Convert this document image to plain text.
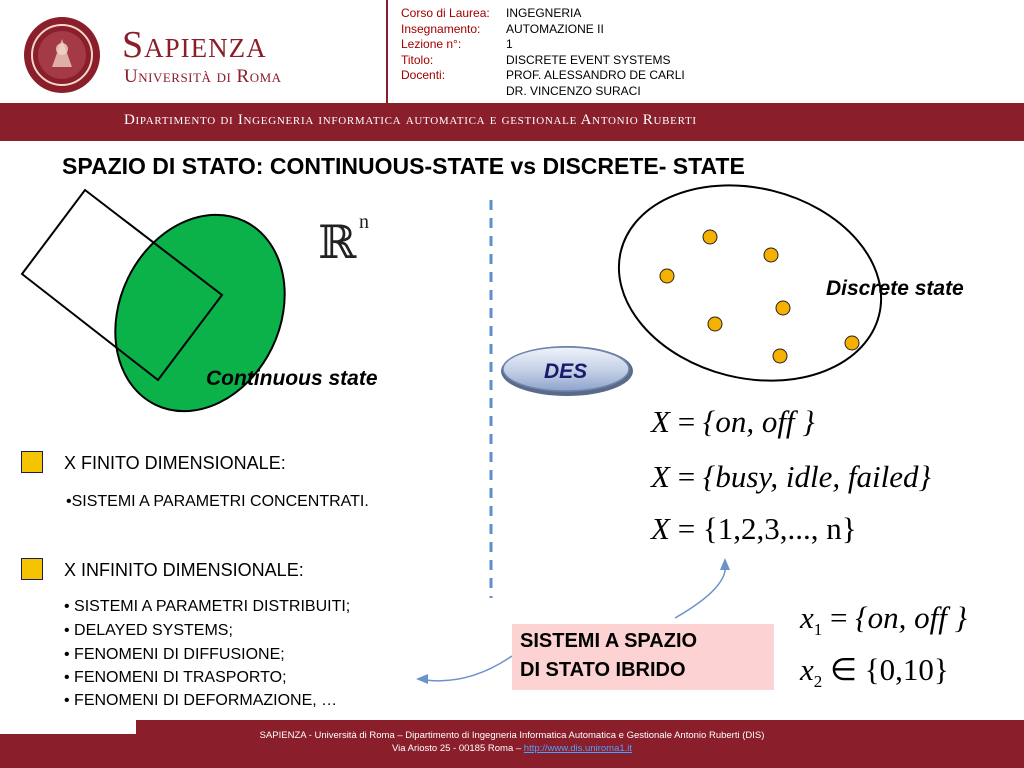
Sapienza
Università di Roma
Corso di Laurea:	INGEGNERIA
Insegnamento:	AUTOMAZIONE II
Lezione n°:	1
Titolo:	DISCRETE EVENT SYSTEMS
Docenti:	PROF. ALESSANDRO DE CARLI
DR. VINCENZO SURACI
Dipartimento di Ingegneria informatica automatica e gestionale Antonio Ruberti
SPAZIO DI STATO: CONTINUOUS-STATE vs DISCRETE- STATE
ℝ n
Continuous state
Discrete state
DES
X FINITO DIMENSIONALE:
•SISTEMI A PARAMETRI CONCENTRATI.
X INFINITO DIMENSIONALE:
• SISTEMI A PARAMETRI DISTRIBUITI;
• DELAYED SYSTEMS;
• FENOMENI DI DIFFUSIONE;
• FENOMENI DI TRASPORTO;
• FENOMENI DI DEFORMAZIONE, …
X = {on, off }
X = {busy, idle, failed}
X = {1,2,3,..., n}
$x_1 = \{on$, off }
$x_2$ ∈ {0,10}
SISTEMI A SPAZIO
DI STATO IBRIDO
SAPIENZA - Università di Roma – Dipartimento di Ingegneria Informatica Automatica e Gestionale Antonio Ruberti (DIS)
Via Ariosto 25 - 00185 Roma – http://www.dis.uniroma1.it
